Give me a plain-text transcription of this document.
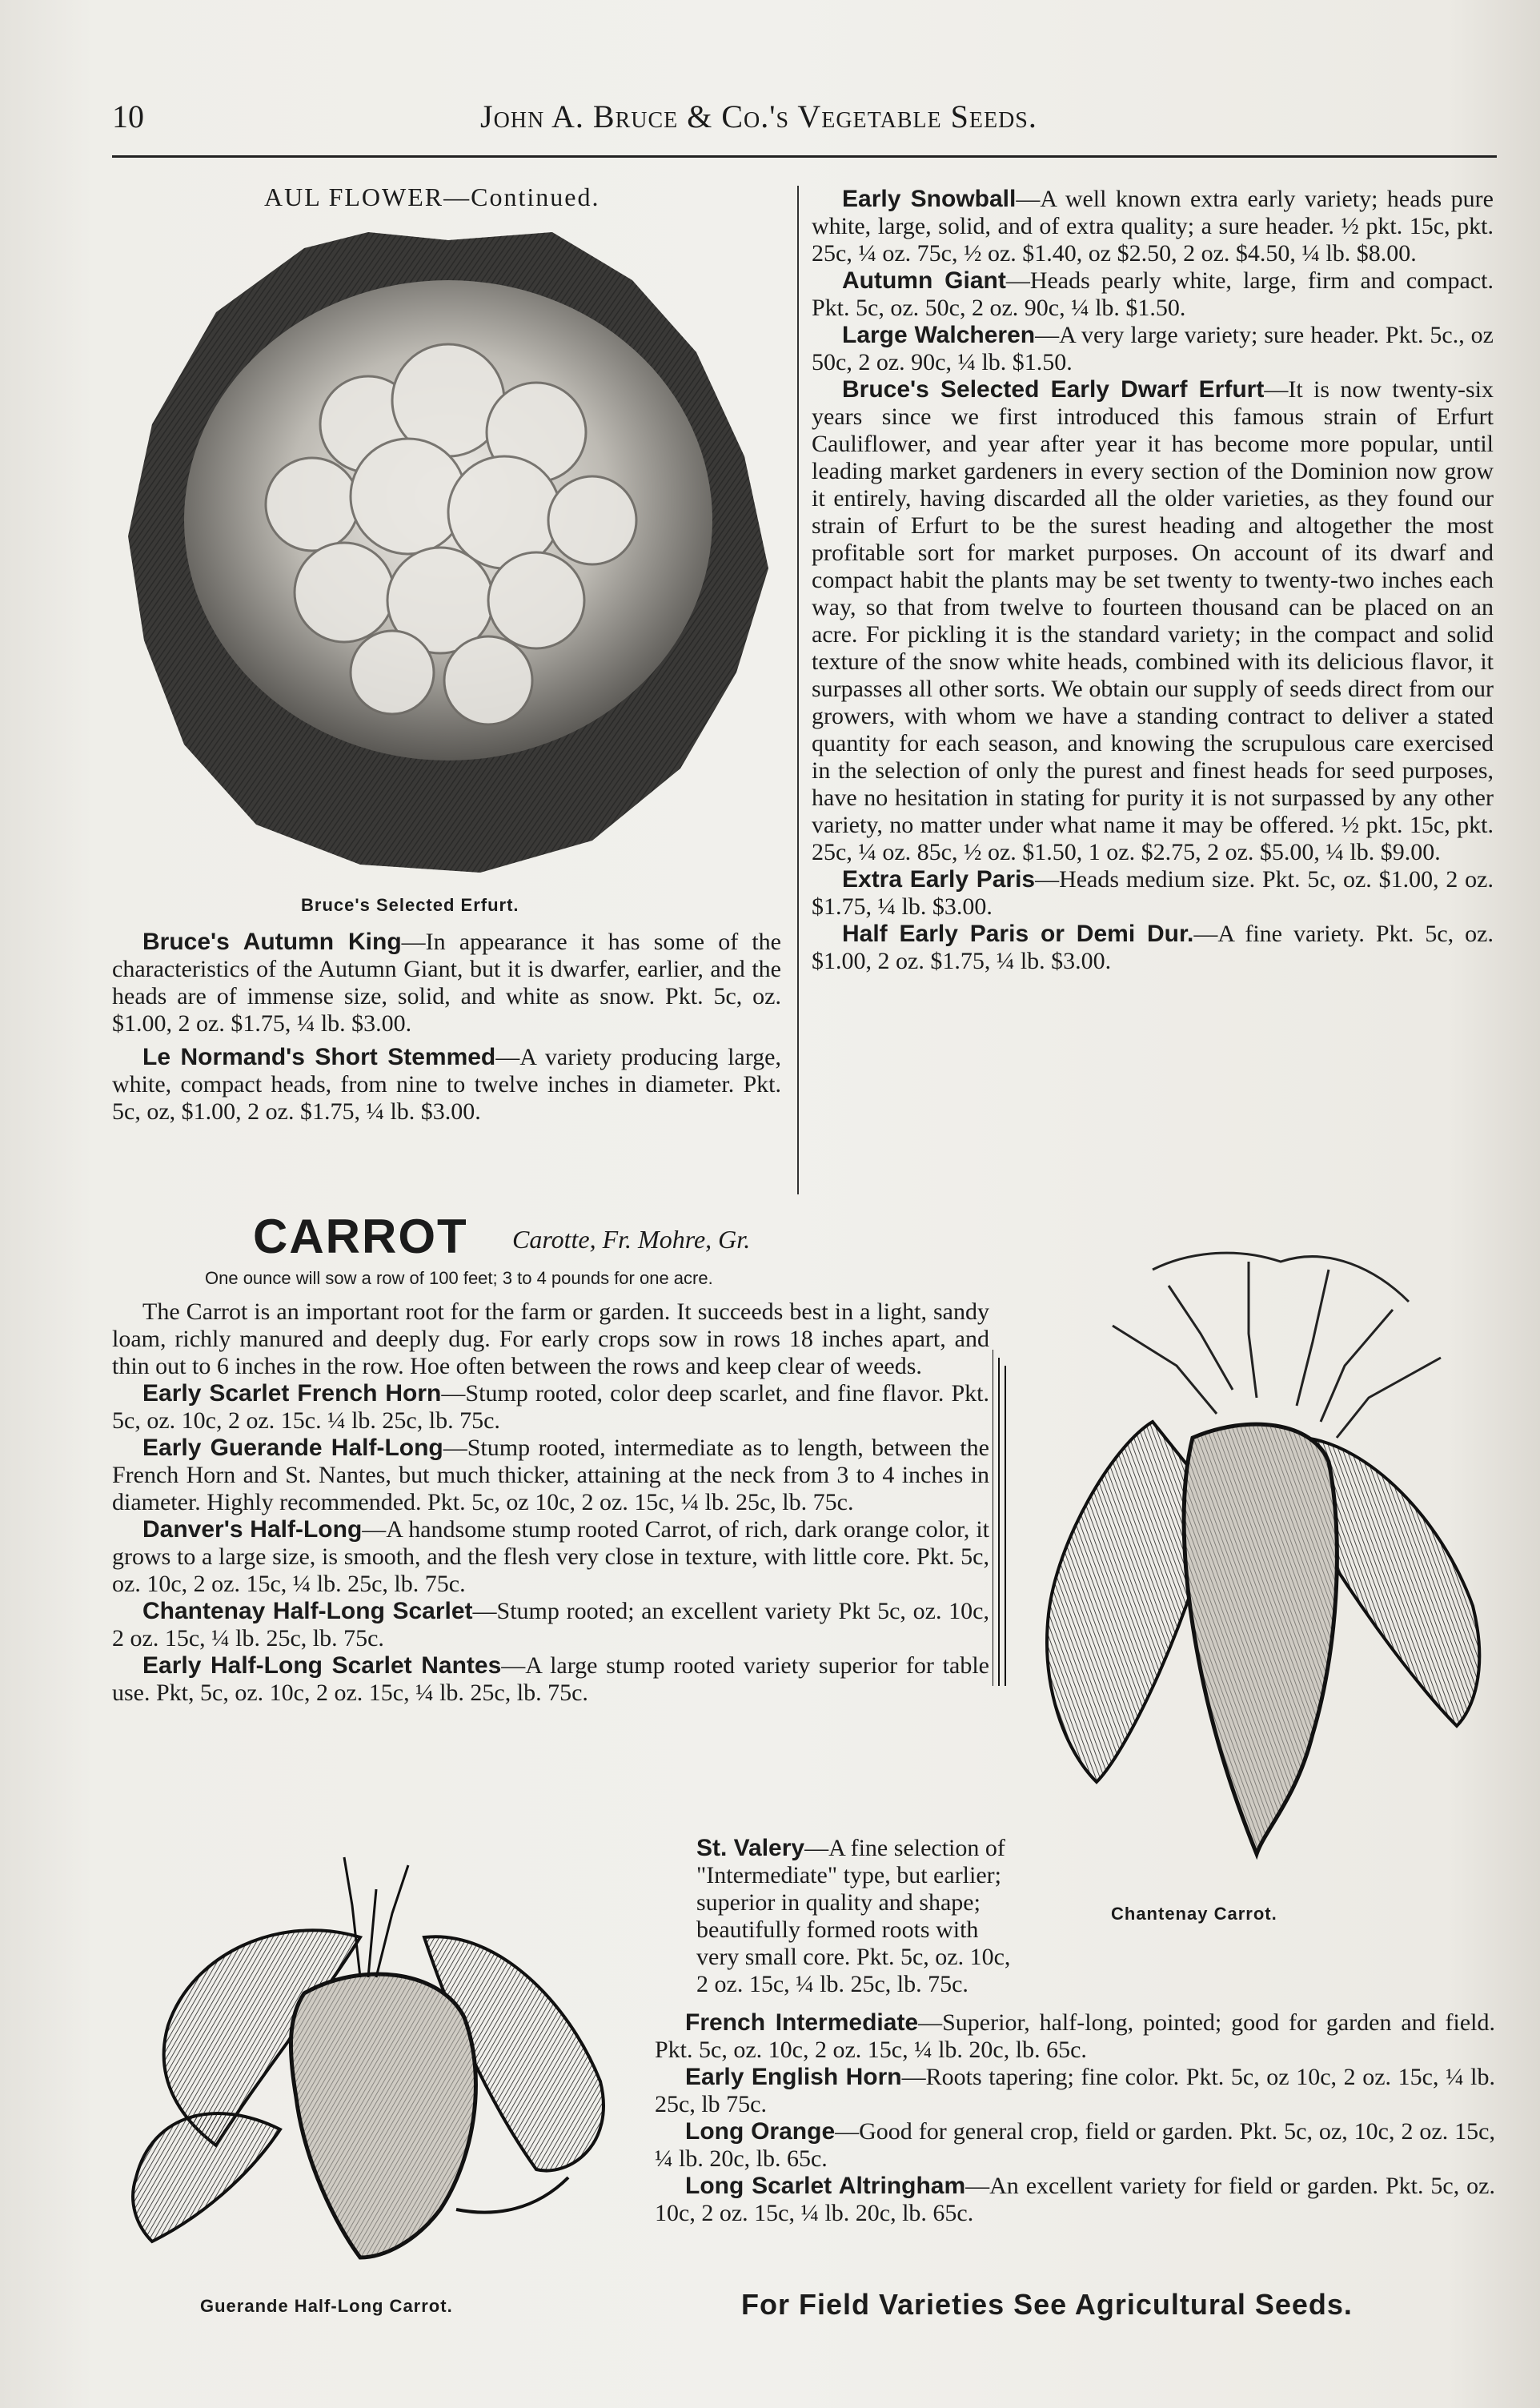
10	John A. Bruce & Co.'s Vegetable Seeds.
AUL FLOWER—Continued.
Bruce's Selected Erfurt.

Bruce's Autumn King—In appearance it has some of the characteristics of the Autumn Giant, but it is dwarfer, earlier, and the heads are of immense size, solid, and white as snow. Pkt. 5c, oz. $1.00, 2 oz. $1.75, ¼ lb. $3.00.

Le Normand's Short Stemmed—A variety producing large, white, compact heads, from nine to twelve inches in diameter. Pkt. 5c, oz, $1.00, 2 oz. $1.75, ¼ lb. $3.00.

Early Snowball—A well known extra early variety; heads pure white, large, solid, and of extra quality; a sure header. ½ pkt. 15c, pkt. 25c, ¼ oz. 75c, ½ oz. $1.40, oz $2.50, 2 oz. $4.50, ¼ lb. $8.00.

Autumn Giant—Heads pearly white, large, firm and compact. Pkt. 5c, oz. 50c, 2 oz. 90c, ¼ lb. $1.50.

Large Walcheren—A very large variety; sure header. Pkt. 5c., oz 50c, 2 oz. 90c, ¼ lb. $1.50.

Bruce's Selected Early Dwarf Erfurt—It is now twenty-six years since we first introduced this famous strain of Erfurt Cauliflower, and year after year it has become more popular, until leading market gardeners in every section of the Dominion now grow it entirely, having discarded all the older varieties, as they found our strain of Erfurt to be the surest heading and altogether the most profitable sort for market purposes. On account of its dwarf and compact habit the plants may be set twenty to twenty-two inches each way, so that from twelve to fourteen thousand can be placed on an acre. For pickling it is the standard variety; in the compact and solid texture of the snow white heads, combined with its delicious flavor, it surpasses all other sorts. We obtain our supply of seeds direct from our growers, with whom we have a standing contract to deliver a stated quantity for each season, and knowing the scrupulous care exercised in the selection of only the purest and finest heads for seed purposes, have no hesitation in stating for purity it is not surpassed by any other variety, no matter under what name it may be offered. ½ pkt. 15c, pkt. 25c, ¼ oz. 85c, ½ oz. $1.50, 1 oz. $2.75, 2 oz. $5.00, ¼ lb. $9.00.

Extra Early Paris—Heads medium size. Pkt. 5c, oz. $1.00, 2 oz. $1.75, ¼ lb. $3.00.

Half Early Paris or Demi Dur.—A fine variety. Pkt. 5c, oz. $1.00, 2 oz. $1.75, ¼ lb. $3.00.

CARROT Carotte, Fr. Mohre, Gr.
One ounce will sow a row of 100 feet; 3 to 4 pounds for one acre.

The Carrot is an important root for the farm or garden. It succeeds best in a light, sandy loam, richly manured and deeply dug. For early crops sow in rows 18 inches apart, and thin out to 6 inches in the row. Hoe often between the rows and keep clear of weeds.

Early Scarlet French Horn—Stump rooted, color deep scarlet, and fine flavor. Pkt. 5c, oz. 10c, 2 oz. 15c. ¼ lb. 25c, lb. 75c.

Early Guerande Half-Long—Stump rooted, intermediate as to length, between the French Horn and St. Nantes, but much thicker, attaining at the neck from 3 to 4 inches in diameter. Highly recommended. Pkt. 5c, oz 10c, 2 oz. 15c, ¼ lb. 25c, lb. 75c.

Danver's Half-Long—A handsome stump rooted Carrot, of rich, dark orange color, it grows to a large size, is smooth, and the flesh very close in texture, with little core. Pkt. 5c, oz. 10c, 2 oz. 15c, ¼ lb. 25c, lb. 75c.

Chantenay Half-Long Scarlet—Stump rooted; an excellent variety Pkt 5c, oz. 10c, 2 oz. 15c, ¼ lb. 25c, lb. 75c.

Early Half-Long Scarlet Nantes—A large stump rooted variety superior for table use. Pkt, 5c, oz. 10c, 2 oz. 15c, ¼ lb. 25c, lb. 75c.

Chantenay Carrot.

St. Valery—A fine selection of "Intermediate" type, but earlier; superior in quality and shape; beautifully formed roots with very small core. Pkt. 5c, oz. 10c, 2 oz. 15c, ¼ lb. 25c, lb. 75c.

French Intermediate—Superior, half-long, pointed; good for garden and field. Pkt. 5c, oz. 10c, 2 oz. 15c, ¼ lb. 20c, lb. 65c.

Early English Horn—Roots tapering; fine color. Pkt. 5c, oz 10c, 2 oz. 15c, ¼ lb. 25c, lb 75c.

Long Orange—Good for general crop, field or garden. Pkt. 5c, oz, 10c, 2 oz. 15c, ¼ lb. 20c, lb. 65c.

Long Scarlet Altringham—An excellent variety for field or garden. Pkt. 5c, oz. 10c, 2 oz. 15c, ¼ lb. 20c, lb. 65c.

Guerande Half-Long Carrot.	For Field Varieties See Agricultural Seeds.
